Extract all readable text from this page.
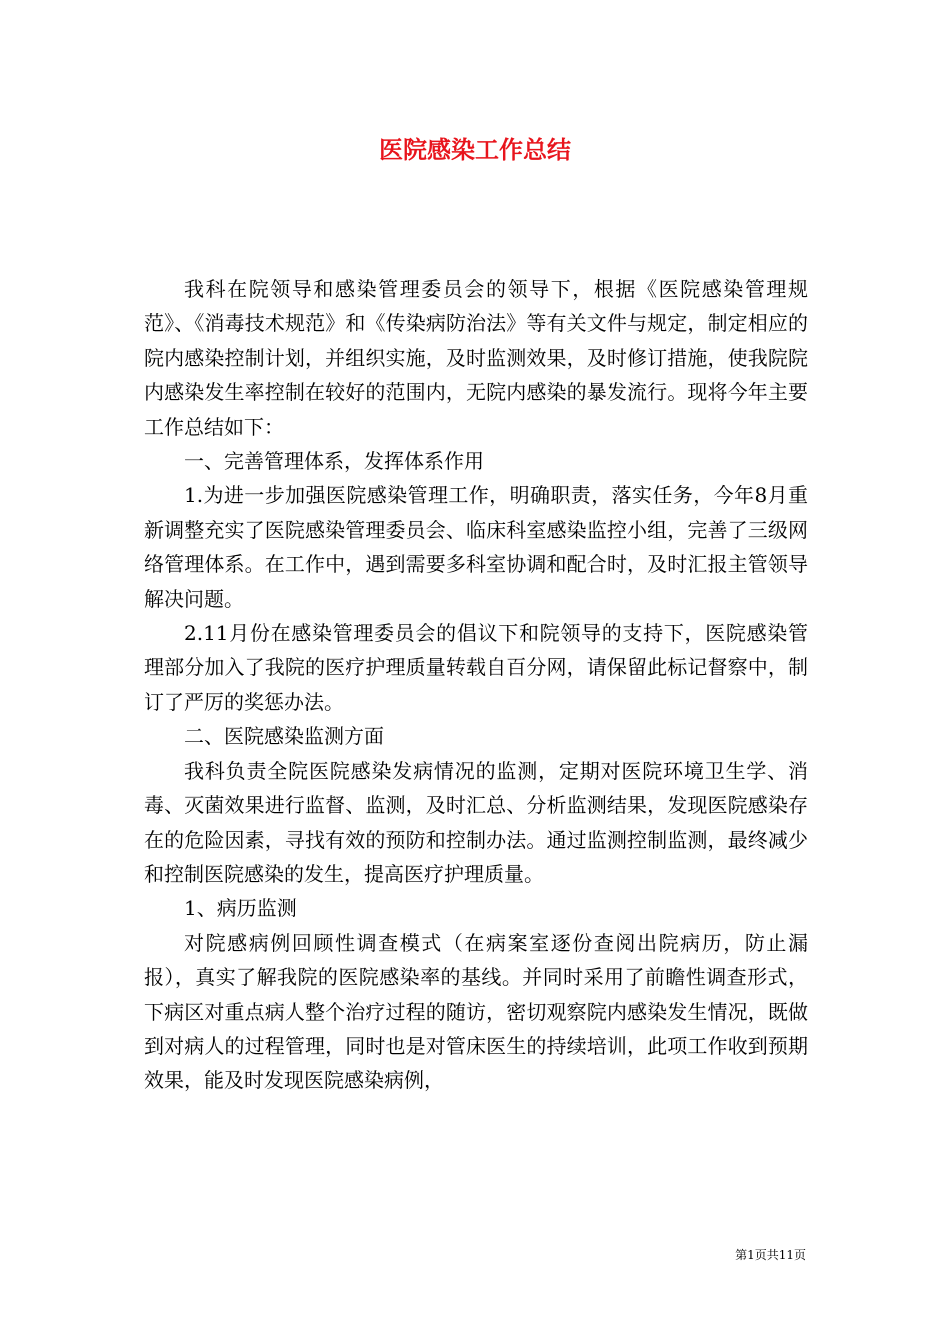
医院感染工作总结

我科在院领导和感染管理委员会的领导下，根据《医院感染管理规范》、《消毒技术规范》和《传染病防治法》等有关文件与规定，制定相应的院内感染控制计划，并组织实施，及时监测效果，及时修订措施，使我院院内感染发生率控制在较好的范围内，无院内感染的暴发流行。现将今年主要工作总结如下：

一、完善管理体系，发挥体系作用

1.为进一步加强医院感染管理工作，明确职责，落实任务，今年8月重新调整充实了医院感染管理委员会、临床科室感染监控小组，完善了三级网络管理体系。在工作中，遇到需要多科室协调和配合时，及时汇报主管领导解决问题。

2.11月份在感染管理委员会的倡议下和院领导的支持下，医院感染管理部分加入了我院的医疗护理质量转载自百分网，请保留此标记督察中，制订了严厉的奖惩办法。

二、医院感染监测方面

我科负责全院医院感染发病情况的监测，定期对医院环境卫生学、消毒、灭菌效果进行监督、监测，及时汇总、分析监测结果，发现医院感染存在的危险因素，寻找有效的预防和控制办法。通过监测控制监测，最终减少和控制医院感染的发生，提高医疗护理质量。

1、病历监测

对院感病例回顾性调查模式（在病案室逐份查阅出院病历，防止漏报），真实了解我院的医院感染率的基线。并同时采用了前瞻性调查形式，下病区对重点病人整个治疗过程的随访，密切观察院内感染发生情况，既做到对病人的过程管理，同时也是对管床医生的持续培训，此项工作收到预期效果，能及时发现医院感染病例，

第1页共11页
